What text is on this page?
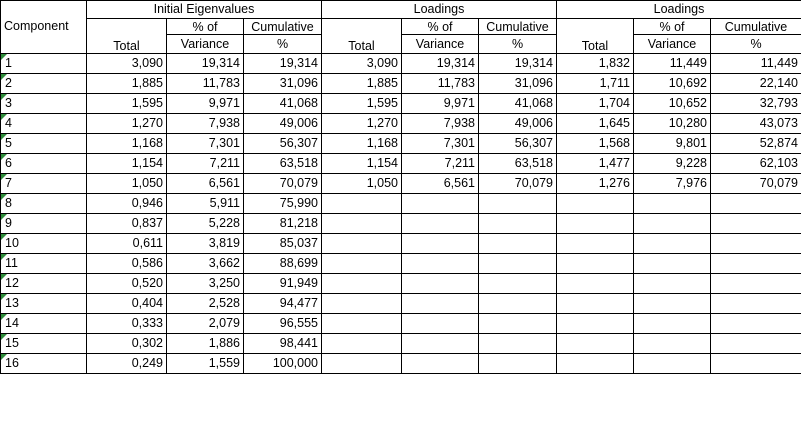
Component	Initial Eigenvalues			Loadings			Loadings		
	Total	% of	Cumulative	Total	% of	Cumulative	Total	% of	Cumulative
		Variance	%		Variance	%		Variance	%
1	3,090	19,314	19,314	3,090	19,314	19,314	1,832	11,449	11,449
2	1,885	11,783	31,096	1,885	11,783	31,096	1,711	10,692	22,140
3	1,595	9,971	41,068	1,595	9,971	41,068	1,704	10,652	32,793
4	1,270	7,938	49,006	1,270	7,938	49,006	1,645	10,280	43,073
5	1,168	7,301	56,307	1,168	7,301	56,307	1,568	9,801	52,874
6	1,154	7,211	63,518	1,154	7,211	63,518	1,477	9,228	62,103
7	1,050	6,561	70,079	1,050	6,561	70,079	1,276	7,976	70,079
8	0,946	5,911	75,990						
9	0,837	5,228	81,218						
10	0,611	3,819	85,037						
11	0,586	3,662	88,699						
12	0,520	3,250	91,949						
13	0,404	2,528	94,477						
14	0,333	2,079	96,555						
15	0,302	1,886	98,441						
16	0,249	1,559	100,000						
